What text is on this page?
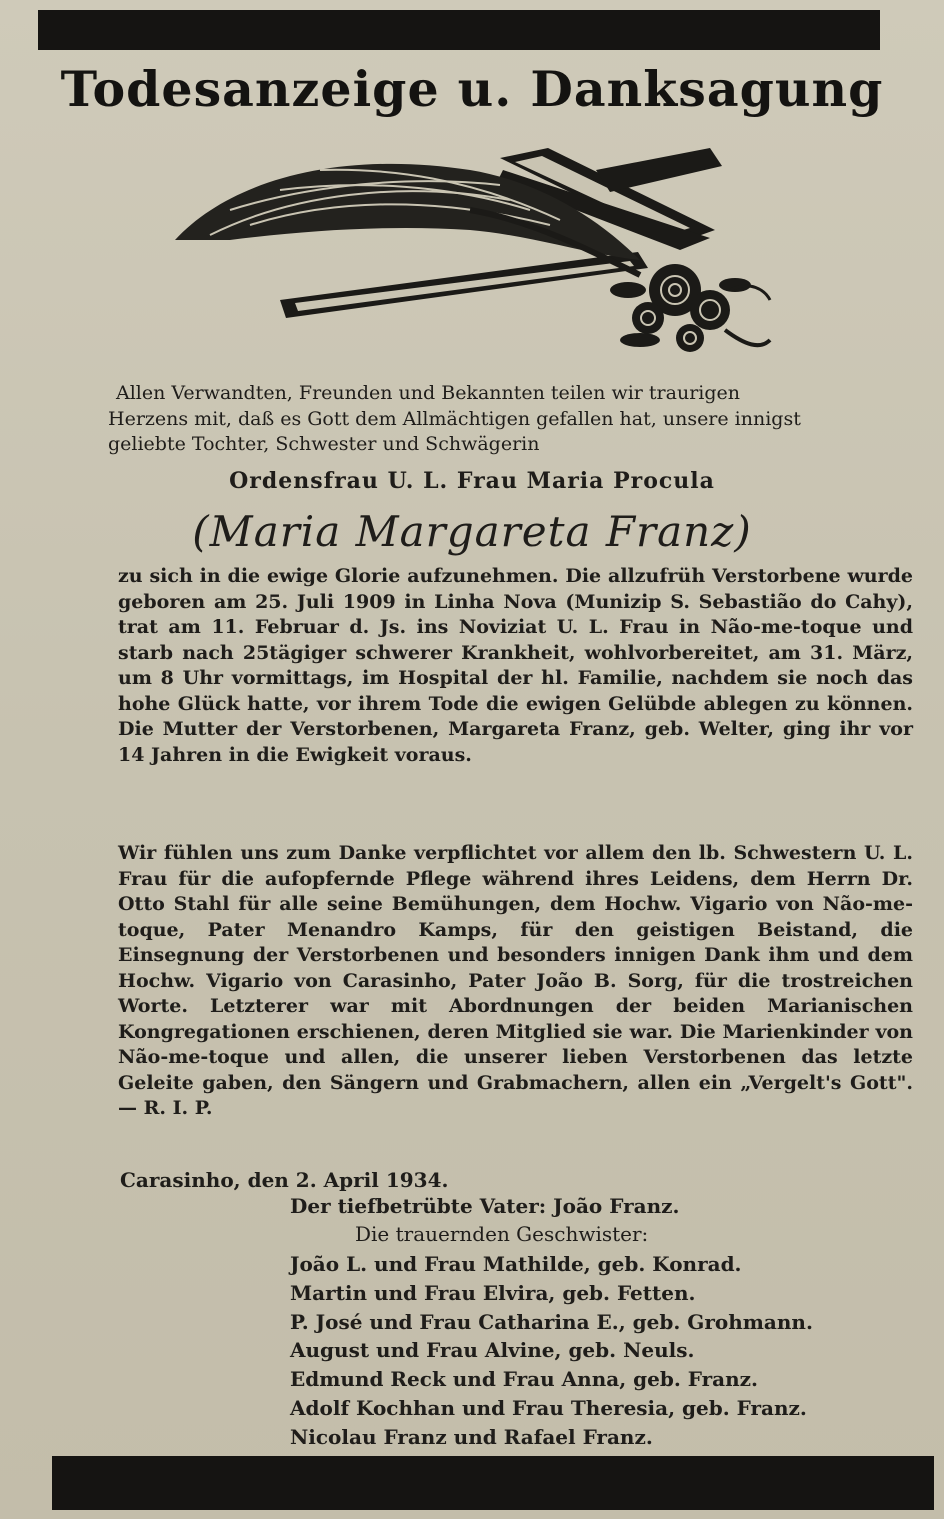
Todesanzeige u. Danksagung
Allen Verwandten, Freunden und Bekannten teilen wir traurigen
Herzens mit, daß es Gott dem Allmächtigen gefallen hat, unsere innigst
geliebte Tochter, Schwester und Schwägerin
Ordensfrau U. L. Frau Maria Procula
(Maria Margareta Franz)
zu sich in die ewige Glorie aufzunehmen. Die allzufrüh Verstorbene wurde geboren am 25. Juli 1909 in Linha Nova (Munizip S. Sebastião do Cahy), trat am 11. Februar d. Js. ins Noviziat U. L. Frau in Não-me-toque und starb nach 25tägiger schwerer Krankheit, wohlvorbereitet, am 31. März, um 8 Uhr vormittags, im Hospital der hl. Familie, nachdem sie noch das hohe Glück hatte, vor ihrem Tode die ewigen Gelübde ablegen zu können. Die Mutter der Verstorbenen, Margareta Franz, geb. Welter, ging ihr vor 14 Jahren in die Ewigkeit voraus.
Wir fühlen uns zum Danke verpflichtet vor allem den lb. Schwestern U. L. Frau für die aufopfernde Pflege während ihres Leidens, dem Herrn Dr. Otto Stahl für alle seine Bemühungen, dem Hochw. Vigario von Não-me-toque, Pater Menandro Kamps, für den geistigen Beistand, die Einsegnung der Verstorbenen und besonders innigen Dank ihm und dem Hochw. Vigario von Carasinho, Pater João B. Sorg, für die trostreichen Worte. Letzterer war mit Abordnungen der beiden Marianischen Kongregationen erschienen, deren Mitglied sie war. Die Marienkinder von Não-me-toque und allen, die unserer lieben Verstorbenen das letzte Geleite gaben, den Sängern und Grabmachern, allen ein „Vergelt's Gott". — R. I. P.
Carasinho, den 2. April 1934.
Der tiefbetrübte Vater: João Franz.
Die trauernden Geschwister:
João L. und Frau Mathilde, geb. Konrad.
Martin und Frau Elvira, geb. Fetten.
P. José und Frau Catharina E., geb. Grohmann.
August und Frau Alvine, geb. Neuls.
Edmund Reck und Frau Anna, geb. Franz.
Adolf Kochhan und Frau Theresia, geb. Franz.
Nicolau Franz und Rafael Franz.
